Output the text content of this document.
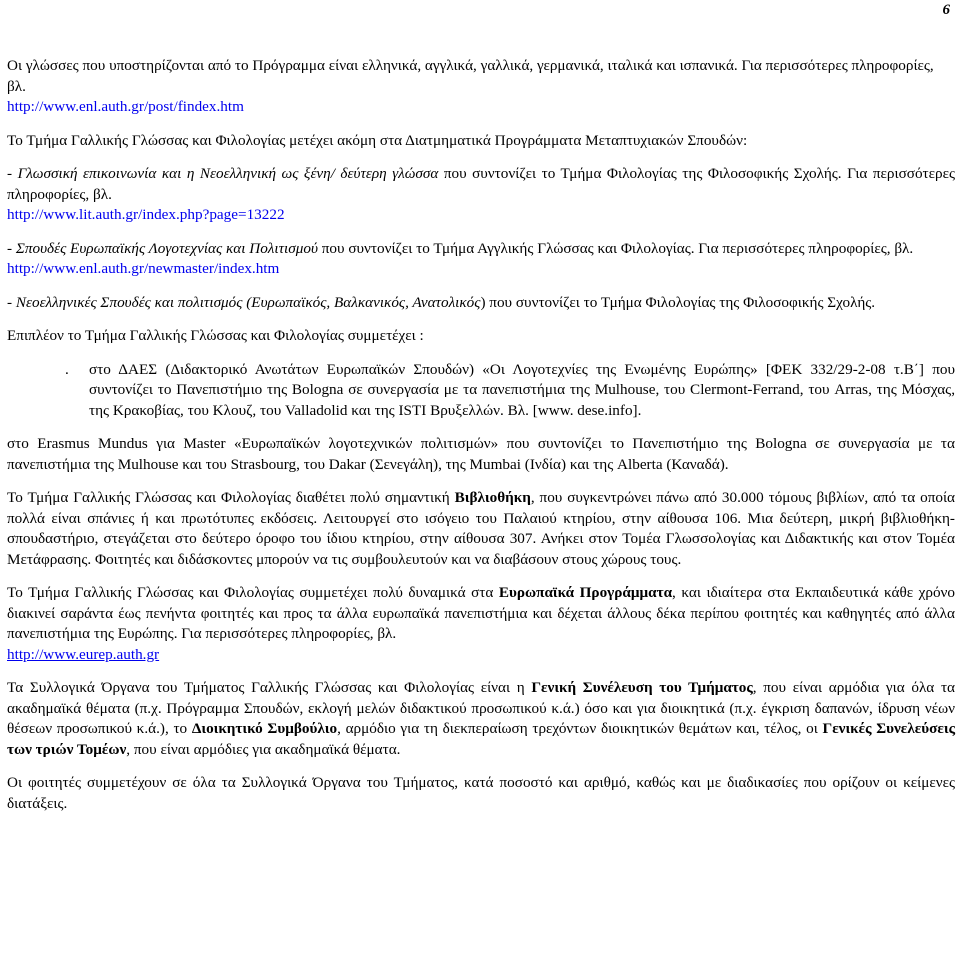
6

Οι γλώσσες που υποστηρίζονται από το Πρόγραμμα είναι ελληνικά, αγγλικά, γαλλικά, γερμανικά, ιταλικά και ισπανικά. Για περισσότερες πληροφορίες, βλ.
http://www.enl.auth.gr/post/findex.htm

Το Τμήμα Γαλλικής Γλώσσας και Φιλολογίας μετέχει ακόμη στα Διατμηματικά Προγράμματα Μεταπτυχιακών Σπουδών:

- Γλωσσική επικοινωνία και η Νεοελληνική ως ξένη/ δεύτερη γλώσσα που συντονίζει το Τμήμα Φιλολογίας της Φιλοσοφικής Σχολής. Για περισσότερες πληροφορίες, βλ.
http://www.lit.auth.gr/index.php?page=13222

- Σπουδές Ευρωπαϊκής Λογοτεχνίας και Πολιτισμού που συντονίζει το Τμήμα Αγγλικής Γλώσσας και Φιλολογίας. Για περισσότερες πληροφορίες, βλ.
http://www.enl.auth.gr/newmaster/index.htm

- Νεοελληνικές Σπουδές και πολιτισμός (Ευρωπαϊκός, Βαλκανικός, Ανατολικός) που συντονίζει το Τμήμα Φιλολογίας της Φιλοσοφικής Σχολής.

Επιπλέον το Τμήμα Γαλλικής Γλώσσας και Φιλολογίας συμμετέχει :

.	στο ΔΑΕΣ (Διδακτορικό Ανωτάτων Ευρωπαϊκών Σπουδών) «Οι Λογοτεχνίες της Ενωμένης Ευρώπης» [ΦΕΚ 332/29-2-08 τ.Β΄] που συντονίζει το Πανεπιστήμιο της Bologna σε συνεργασία με τα πανεπιστήμια της Mulhouse, του Clermont-Ferrand, του Arras, της Μόσχας, της Κρακοβίας, του Κλουζ, του Valladolid και της ISTI Βρυξελλών. Βλ. [www. dese.info].

στο Erasmus Mundus για Master «Ευρωπαϊκών λογοτεχνικών πολιτισμών» που συντονίζει το Πανεπιστήμιο της Bologna σε συνεργασία με τα πανεπιστήμια της Mulhouse και του Strasbourg, του Dakar (Σενεγάλη), της Mumbai (Ινδία) και της Alberta (Καναδά).

Το Τμήμα Γαλλικής Γλώσσας και Φιλολογίας διαθέτει πολύ σημαντική Βιβλιοθήκη, που συγκεντρώνει πάνω από 30.000 τόμους βιβλίων, από τα οποία πολλά είναι σπάνιες ή και πρωτότυπες εκδόσεις. Λειτουργεί στο ισόγειο του Παλαιού κτηρίου, στην αίθουσα 106. Μια δεύτερη, μικρή βιβλιοθήκη-σπουδαστήριο, στεγάζεται στο δεύτερο όροφο του ίδιου κτηρίου, στην αίθουσα 307. Ανήκει στον Τομέα Γλωσσολογίας και Διδακτικής και στον Τομέα Μετάφρασης. Φοιτητές και διδάσκοντες μπορούν να τις συμβουλευτούν και να διαβάσουν στους χώρους τους.

Το Τμήμα Γαλλικής Γλώσσας και Φιλολογίας συμμετέχει πολύ δυναμικά στα Ευρωπαϊκά Προγράμματα, και ιδιαίτερα στα Εκπαιδευτικά κάθε χρόνο διακινεί σαράντα έως πενήντα φοιτητές και προς τα άλλα ευρωπαϊκά πανεπιστήμια και δέχεται άλλους δέκα περίπου φοιτητές και καθηγητές από άλλα πανεπιστήμια της Ευρώπης. Για περισσότερες πληροφορίες, βλ.
http://www.eurep.auth.gr

Τα Συλλογικά Όργανα του Τμήματος Γαλλικής Γλώσσας και Φιλολογίας είναι η Γενική Συνέλευση του Τμήματος, που είναι αρμόδια για όλα τα ακαδημαϊκά θέματα (π.χ. Πρόγραμμα Σπουδών, εκλογή μελών διδακτικού προσωπικού κ.ά.) όσο και για διοικητικά (π.χ. έγκριση δαπανών, ίδρυση νέων θέσεων προσωπικού κ.ά.), το Διοικητικό Συμβούλιο, αρμόδιο για τη διεκπεραίωση τρεχόντων διοικητικών θεμάτων και, τέλος, οι Γενικές Συνελεύσεις των τριών Τομέων, που είναι αρμόδιες για ακαδημαϊκά θέματα.

Οι φοιτητές συμμετέχουν σε όλα τα Συλλογικά Όργανα του Τμήματος, κατά ποσοστό και αριθμό, καθώς και με διαδικασίες που ορίζουν οι κείμενες διατάξεις.
